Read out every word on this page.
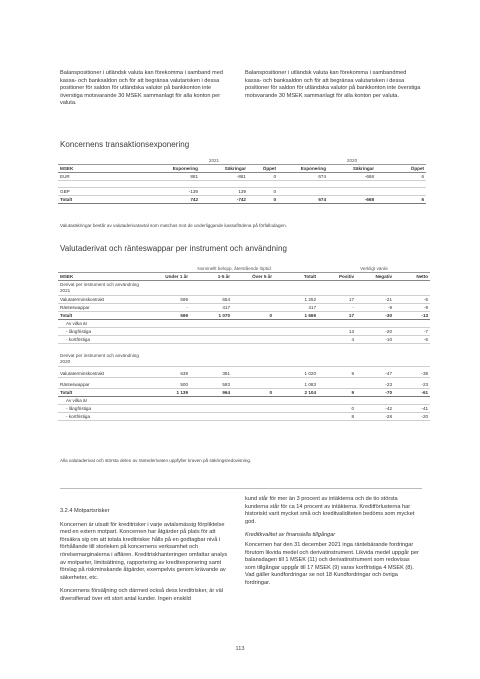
Balanspositioner i utländsk valuta kan förekomma i samband med kassa- och banksaldon och för att begränsa valutarisken i dessa positioner för saldon för utländska valutor på bankkonton inte överstiga motsvarande 30 MSEK sammanlagt för alla konton per valuta.

Balanspositioner i utländsk valuta kan förekomma i sambandmed kassa- och banksaldon och för att begränsa valutarisken i dessa positioner för saldon för utländska valutor på bankkonton inte överstiga motsvarande 30 MSEK sammanlagt för alla konton per valuta.

Koncernens transaktionsexponering
	2021			2020		
MSEK	Exponering	Säkringar	Öppet	Exponering	Säkringar	Öppet
EUR	881	-881	0	674	-668	6

GBP	-139	139	0			
Totalt	742	-742	0	674	-668	6
Valutasäkringar består av valutaderivatavtal som matchas mot de underliggande kassaflödena på förfallodagen.
Valutaderivat och ränteswappar per instrument och användning
	Nominellt belopp, återstående löptid				Verkligt värde		
MSEK	Under 1 år	1-5 år	Över 5 år	Totalt	Positiv	Negativ	Netto
Derivat per instrument och användning 2021							
Valutaterminskontrakt	599	654		1 252	17	-21	-5
Ränteswappar	-	417		417	-	-9	-9
Totalt	599	1 070	0	1 669	17	-30	-13
Av vilka är							
- långfristiga					13	-20	-7
- kortfristiga					4	-10	-6

Derivat per instrument och användning 2020							
Valutaterminskontrakt	639	381		1 020	9	-47	-38
Ränteswappar	500	583		1 083		-23	-23
Totalt	1 139	964	0	2 104	9	-70	-61
Av vilka är							
- långfristiga					0	-42	-41
- kortfristiga					8	-28	-20
Alla valutaderivat och största delen av räntederivaten uppfyller kraven på säkringsredovisning.

3.2.4 Motpartsrisker

Koncernen är utsatt för kreditrisker i varje avtalsmässig förpliktelse med en extern motpart. Koncernen har åtgärder på plats för att försäkra sig om att totala kreditrisker hålls på en godtagbar nivå i förhållande till storleken på koncernens verksamhet och rörelsemarginalerna i affären. Kreditriskhanteringen omfattar analys av motparter, limitsättning, rapportering av kreditexponering samt förslag på riskminskande åtgärder, exempelvis genom krävande av säkerheter, etc.

Koncernens försäljning och därmed också dess kreditrisker, är väl diversifierad över ett stort antal kunder. Ingen enskild

kund står för mer än 3 procent av intäkterna och de tio största kunderna står för ca 14 procent av intäkterna. Kreditförlusterna har historiskt varit mycket små och kreditvaliditeten bedöms som mycket god.

Kreditkvalitet av finansiella tillgångar

Koncernen har den 31 december 2021 inga räntebärande fordringar förutom likvida medel och derivatinstrument. Likvida medel uppgår per balansdagen till 1 MSEK (11) och derivatinstrument som redovisas som tillgångar uppgår till 17 MSEK (9) varav kortfristiga 4 MSEK (8). Vad gäller kundfordringar se not 18 Kundfordringar och övriga fordringar.

113
